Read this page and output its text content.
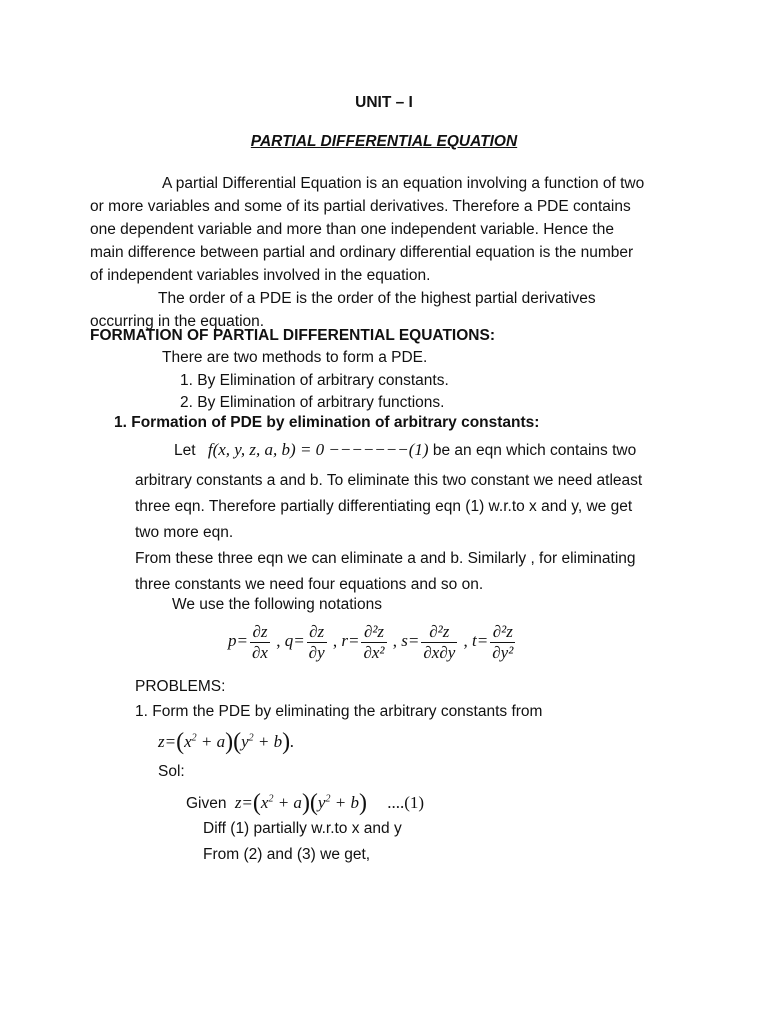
UNIT – I
PARTIAL DIFFERENTIAL EQUATION
A partial Differential Equation is an equation involving a function of two
or more variables and some of its partial derivatives. Therefore a PDE contains
one dependent variable and more than one independent variable. Hence the
main difference between partial and ordinary differential equation is the number
of independent variables involved in the equation.
The order of a PDE is the order of the highest partial derivatives
occurring in the equation.
FORMATION OF PARTIAL DIFFERENTIAL EQUATIONS:
There are two methods to form a PDE.
1. By Elimination of arbitrary constants.
2. By Elimination of arbitrary functions.
1. Formation of PDE by elimination of arbitrary constants:
Let f(x, y, z, a, b) = 0 −−−−−−−(1) be an eqn which contains two
arbitrary constants a and b. To eliminate this two constant we need atleast
three eqn. Therefore partially differentiating eqn (1) w.r.to x and y, we get
two more eqn.
From these three eqn we can eliminate a and b. Similarly , for eliminating
three constants we need four equations and so on.
We use the following notations
$p= \frac{\partial z}{\partial x}$ , $q= \frac{\partial z}{\partial y}$ , $r= \frac{\text{∂²z}}{\text{∂x²}}$ , $s= \frac{\text{∂²z}}{\partial x\partial y}$ , $t= \frac{\text{∂²z}}{\text{∂y²}}$
PROBLEMS:
1. Form the PDE by eliminating the arbitrary constants from
$z=(x^2 + a)(y^2 + b)$.
Sol:
Given $z=(x^2 + a)(y^2 + b)$ ....(1)
Diff (1) partially w.r.to x and y
From (2) and (3) we get,
